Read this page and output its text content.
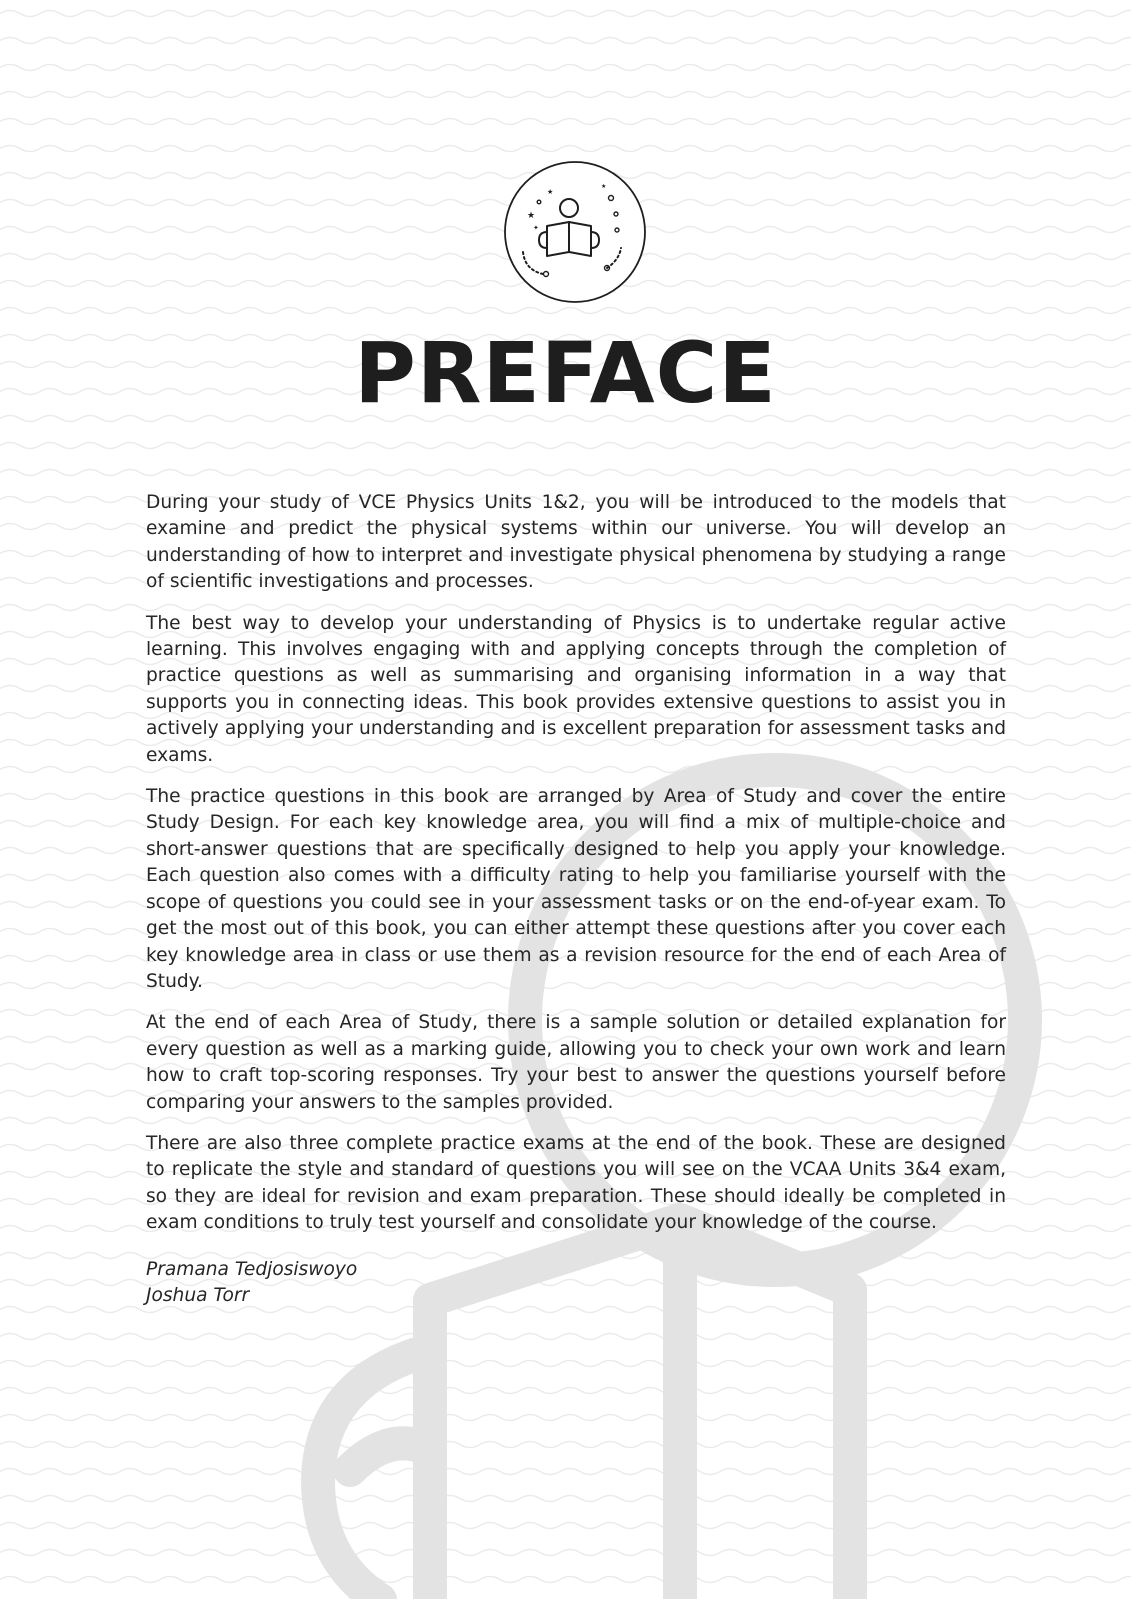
★
★
✦
★
PREFACE

During your study of VCE Physics Units 1&2, you will be introduced to the models that examine and predict the physical systems within our universe. You will develop an understanding of how to interpret and investigate physical phenomena by studying a range of scientific investigations and processes.

The best way to develop your understanding of Physics is to undertake regular active learning. This involves engaging with and applying concepts through the completion of practice questions as well as summarising and organising information in a way that supports you in connecting ideas. This book provides extensive questions to assist you in actively applying your understanding and is excellent preparation for assessment tasks and exams.

The practice questions in this book are arranged by Area of Study and cover the entire Study Design. For each key knowledge area, you will find a mix of multiple-choice and short-answer questions that are specifically designed to help you apply your knowledge. Each question also comes with a difficulty rating to help you familiarise yourself with the scope of questions you could see in your assessment tasks or on the end-of-year exam. To get the most out of this book, you can either attempt these questions after you cover each key knowledge area in class or use them as a revision resource for the end of each Area of Study.

At the end of each Area of Study, there is a sample solution or detailed explanation for every question as well as a marking guide, allowing you to check your own work and learn how to craft top-scoring responses. Try your best to answer the questions yourself before comparing your answers to the samples provided.

There are also three complete practice exams at the end of the book. These are designed to replicate the style and standard of questions you will see on the VCAA Units 3&4 exam, so they are ideal for revision and exam preparation. These should ideally be completed in exam conditions to truly test yourself and consolidate your knowledge of the course.

Pramana Tedjosiswoyo
Joshua Torr
